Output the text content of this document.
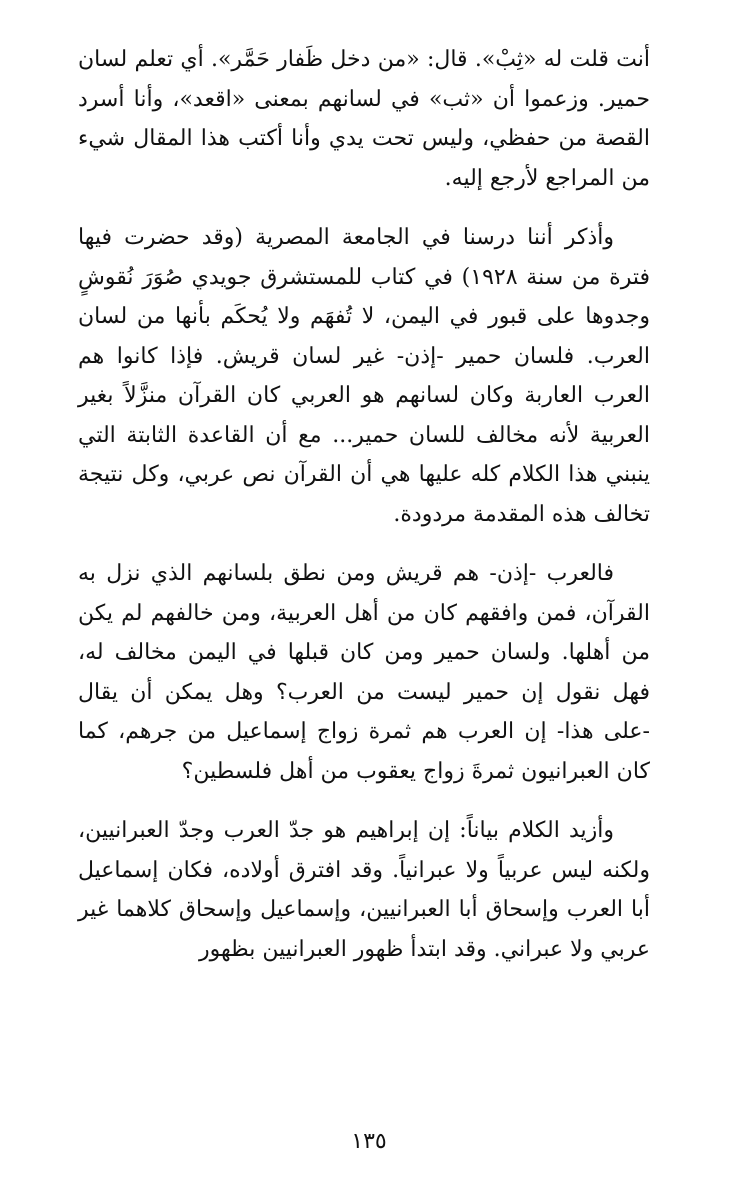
أنت قلت له «ثِبْ». قال: «من دخل ظَفار حَمَّر». أي تعلم لسان حمير. وزعموا أن «ثب» في لسانهم بمعنى «اقعد»، وأنا أسرد القصة من حفظي، وليس تحت يدي وأنا أكتب هذا المقال شيء من المراجع لأرجع إليه.

وأذكر أننا درسنا في الجامعة المصرية (وقد حضرت فيها فترة من سنة ١٩٢٨) في كتاب للمستشرق جويدي صُوَرَ نُقوشٍ وجدوها على قبور في اليمن، لا تُفهَم ولا يُحكَم بأنها من لسان العرب. فلسان حمير -إذن- غير لسان قريش. فإذا كانوا هم العرب العاربة وكان لسانهم هو العربي كان القرآن منزَّلاً بغير العربية لأنه مخالف للسان حمير... مع أن القاعدة الثابتة التي ينبني هذا الكلام كله عليها هي أن القرآن نص عربي، وكل نتيجة تخالف هذه المقدمة مردودة.

فالعرب -إذن- هم قريش ومن نطق بلسانهم الذي نزل به القرآن، فمن وافقهم كان من أهل العربية، ومن خالفهم لم يكن من أهلها. ولسان حمير ومن كان قبلها في اليمن مخالف له، فهل نقول إن حمير ليست من العرب؟ وهل يمكن أن يقال -على هذا- إن العرب هم ثمرة زواج إسماعيل من جرهم، كما كان العبرانيون ثمرةَ زواج يعقوب من أهل فلسطين؟

وأزيد الكلام بياناً: إن إبراهيم هو جدّ العرب وجدّ العبرانيين، ولكنه ليس عربياً ولا عبرانياً. وقد افترق أولاده، فكان إسماعيل أبا العرب وإسحاق أبا العبرانيين، وإسماعيل وإسحاق كلاهما غير عربي ولا عبراني. وقد ابتدأ ظهور العبرانيين بظهور

١٣٥
